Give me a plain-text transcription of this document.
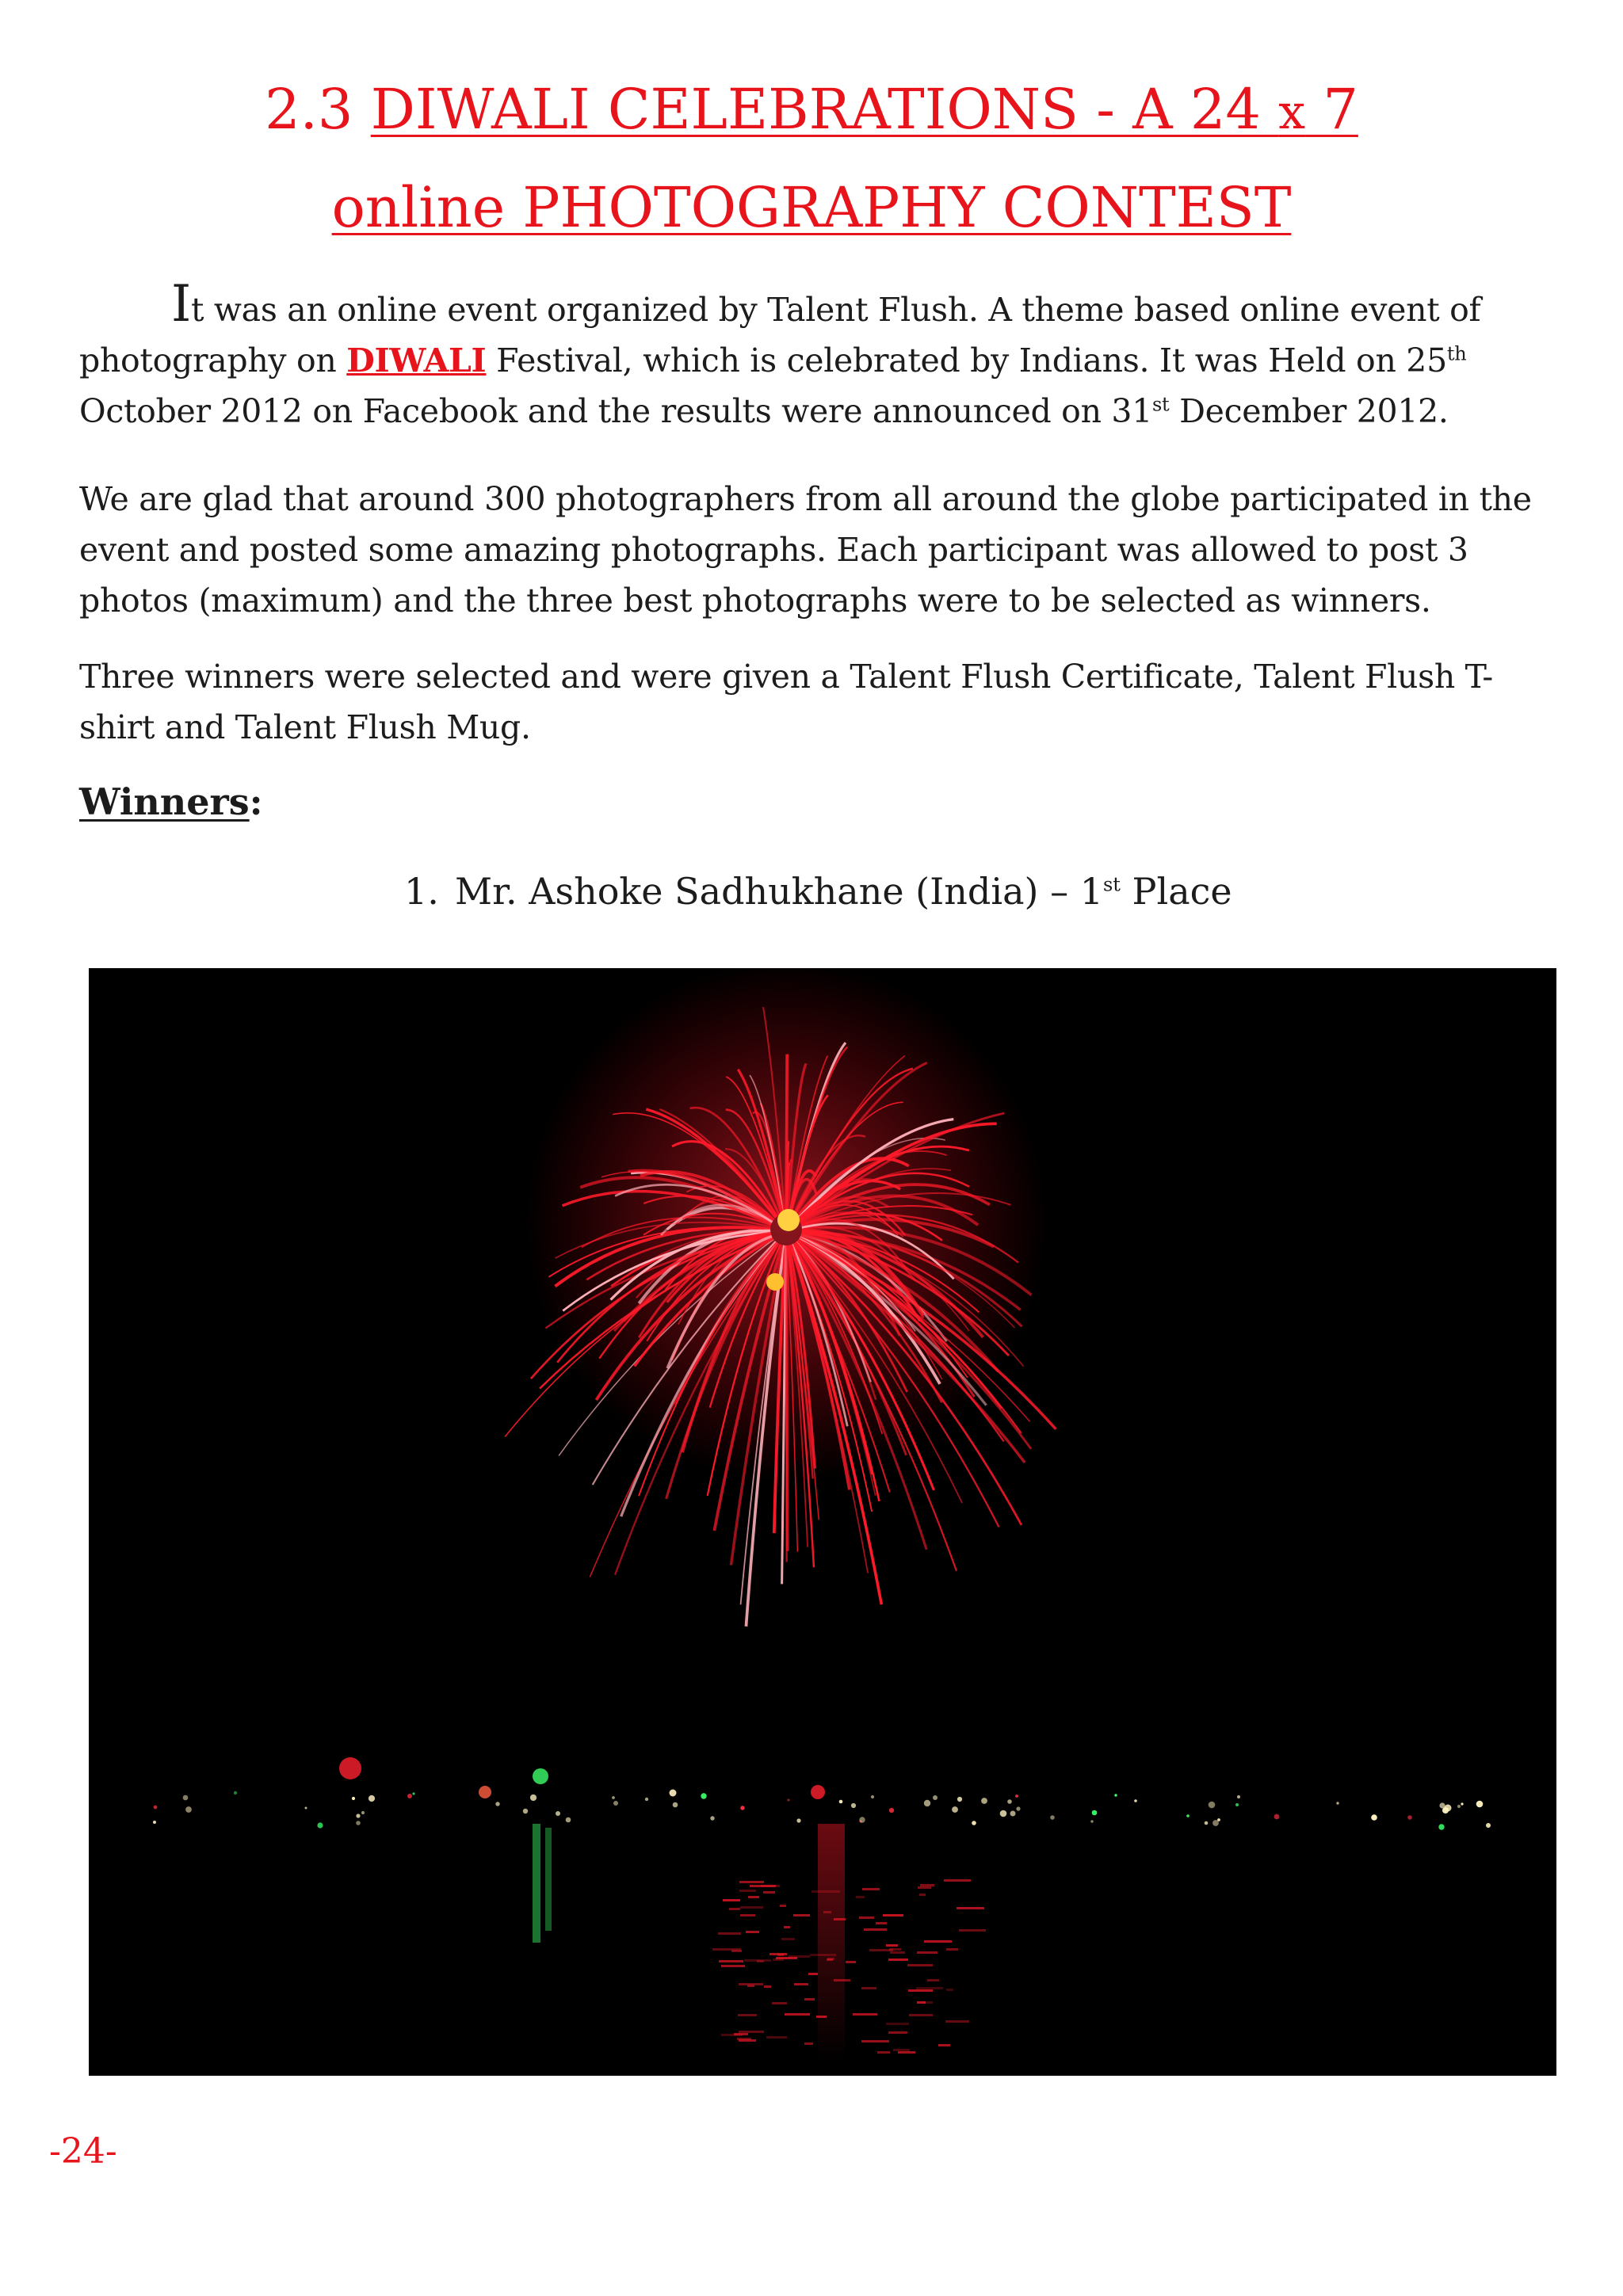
2.3 DIWALI CELEBRATIONS - A 24 x 7
online PHOTOGRAPHY CONTEST

It was an online event organized by Talent Flush. A theme based online event of photography on DIWALI Festival, which is celebrated by Indians. It was Held on 25th October 2012 on Facebook and the results were announced on 31st December 2012.

We are glad that around 300 photographers from all around the globe participated in the event and posted some amazing photographs. Each participant was allowed to post 3 photos (maximum) and the three best photographs were to be selected as winners.

Three winners were selected and were given a Talent Flush Certificate, Talent Flush T-shirt and Talent Flush Mug.

Winners:

1. Mr. Ashoke Sadhukhane (India) – 1st Place

-24-
